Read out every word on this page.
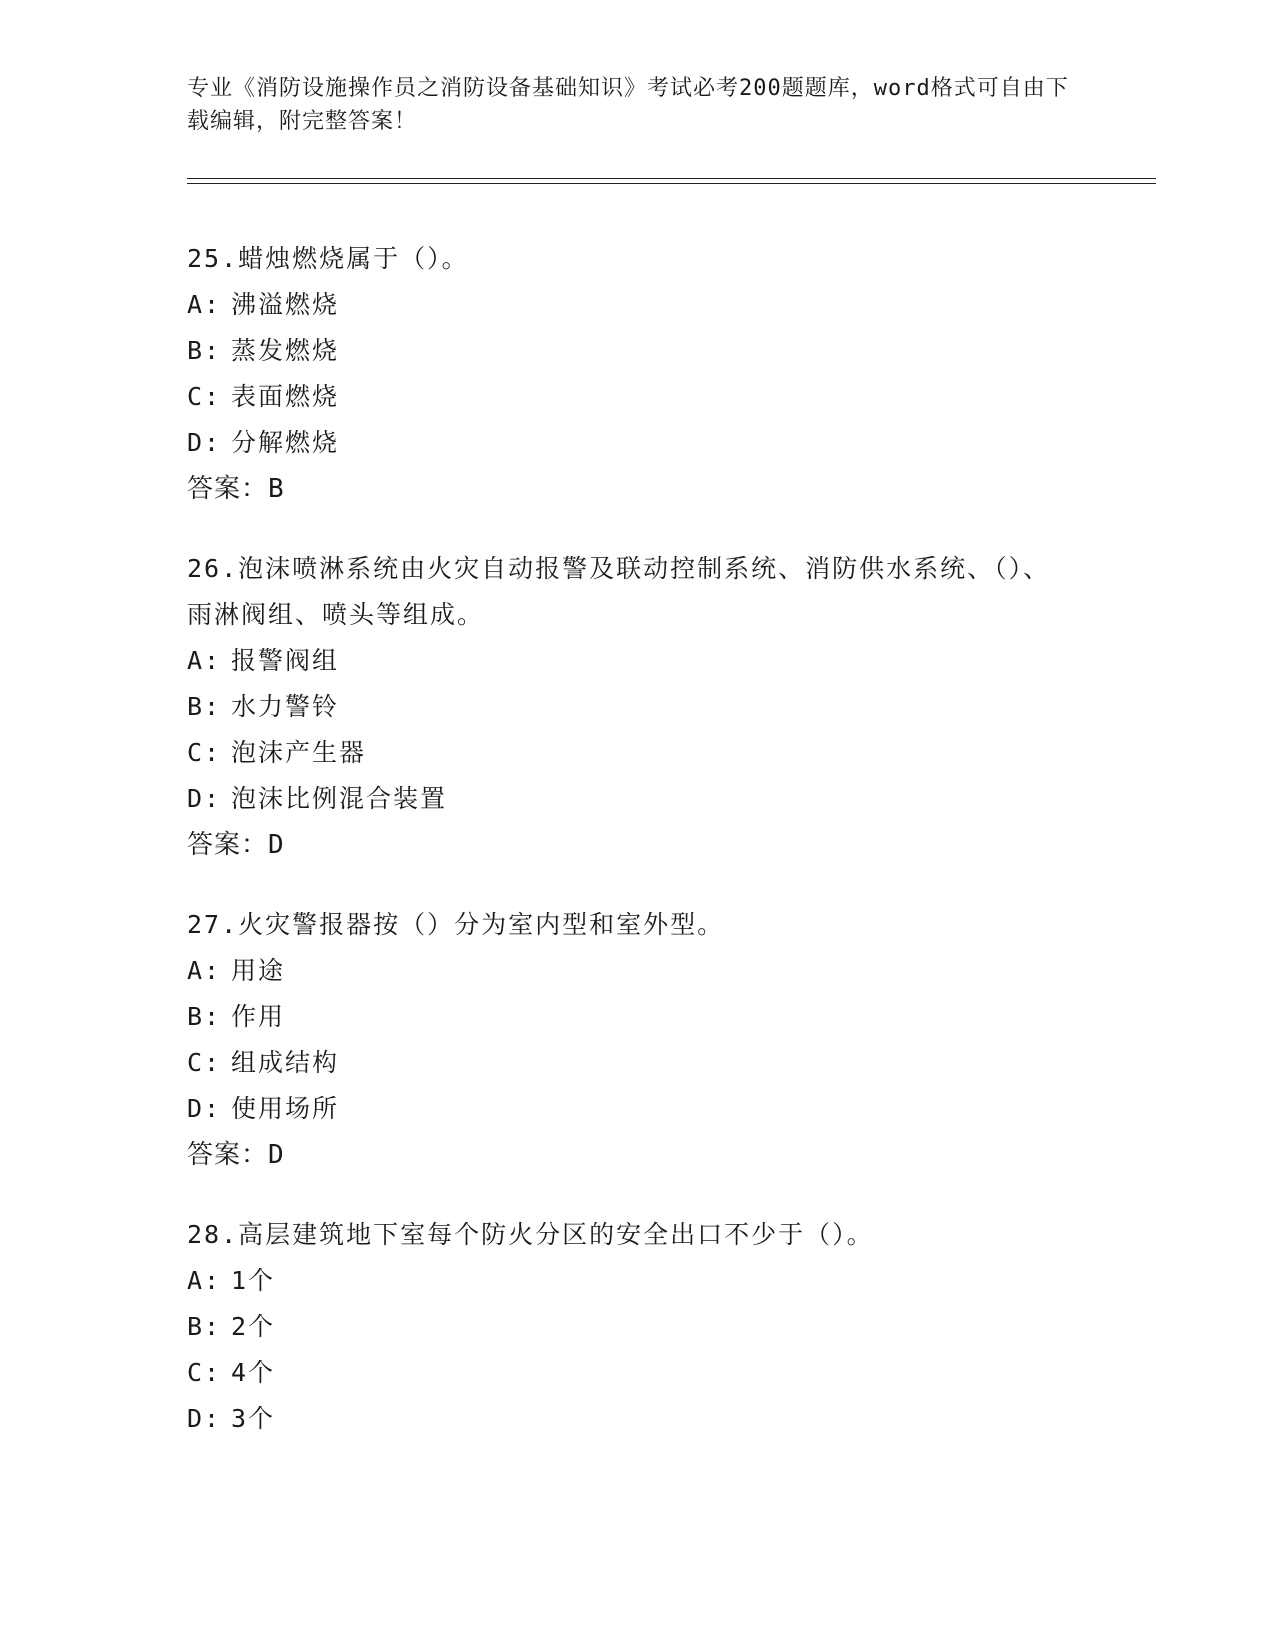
专业《消防设施操作员之消防设备基础知识》考试必考200题题库，word格式可自由下载编辑，附完整答案！
25.蜡烛燃烧属于（）。
A: 沸溢燃烧
B: 蒸发燃烧
C: 表面燃烧
D: 分解燃烧
答案：B
26.泡沫喷淋系统由火灾自动报警及联动控制系统、消防供水系统、（）、雨淋阀组、喷头等组成。
A: 报警阀组
B: 水力警铃
C: 泡沫产生器
D: 泡沫比例混合装置
答案：D
27.火灾警报器按（）分为室内型和室外型。
A: 用途
B: 作用
C: 组成结构
D: 使用场所
答案：D
28.高层建筑地下室每个防火分区的安全出口不少于（）。
A: 1个
B: 2个
C: 4个
D: 3个
